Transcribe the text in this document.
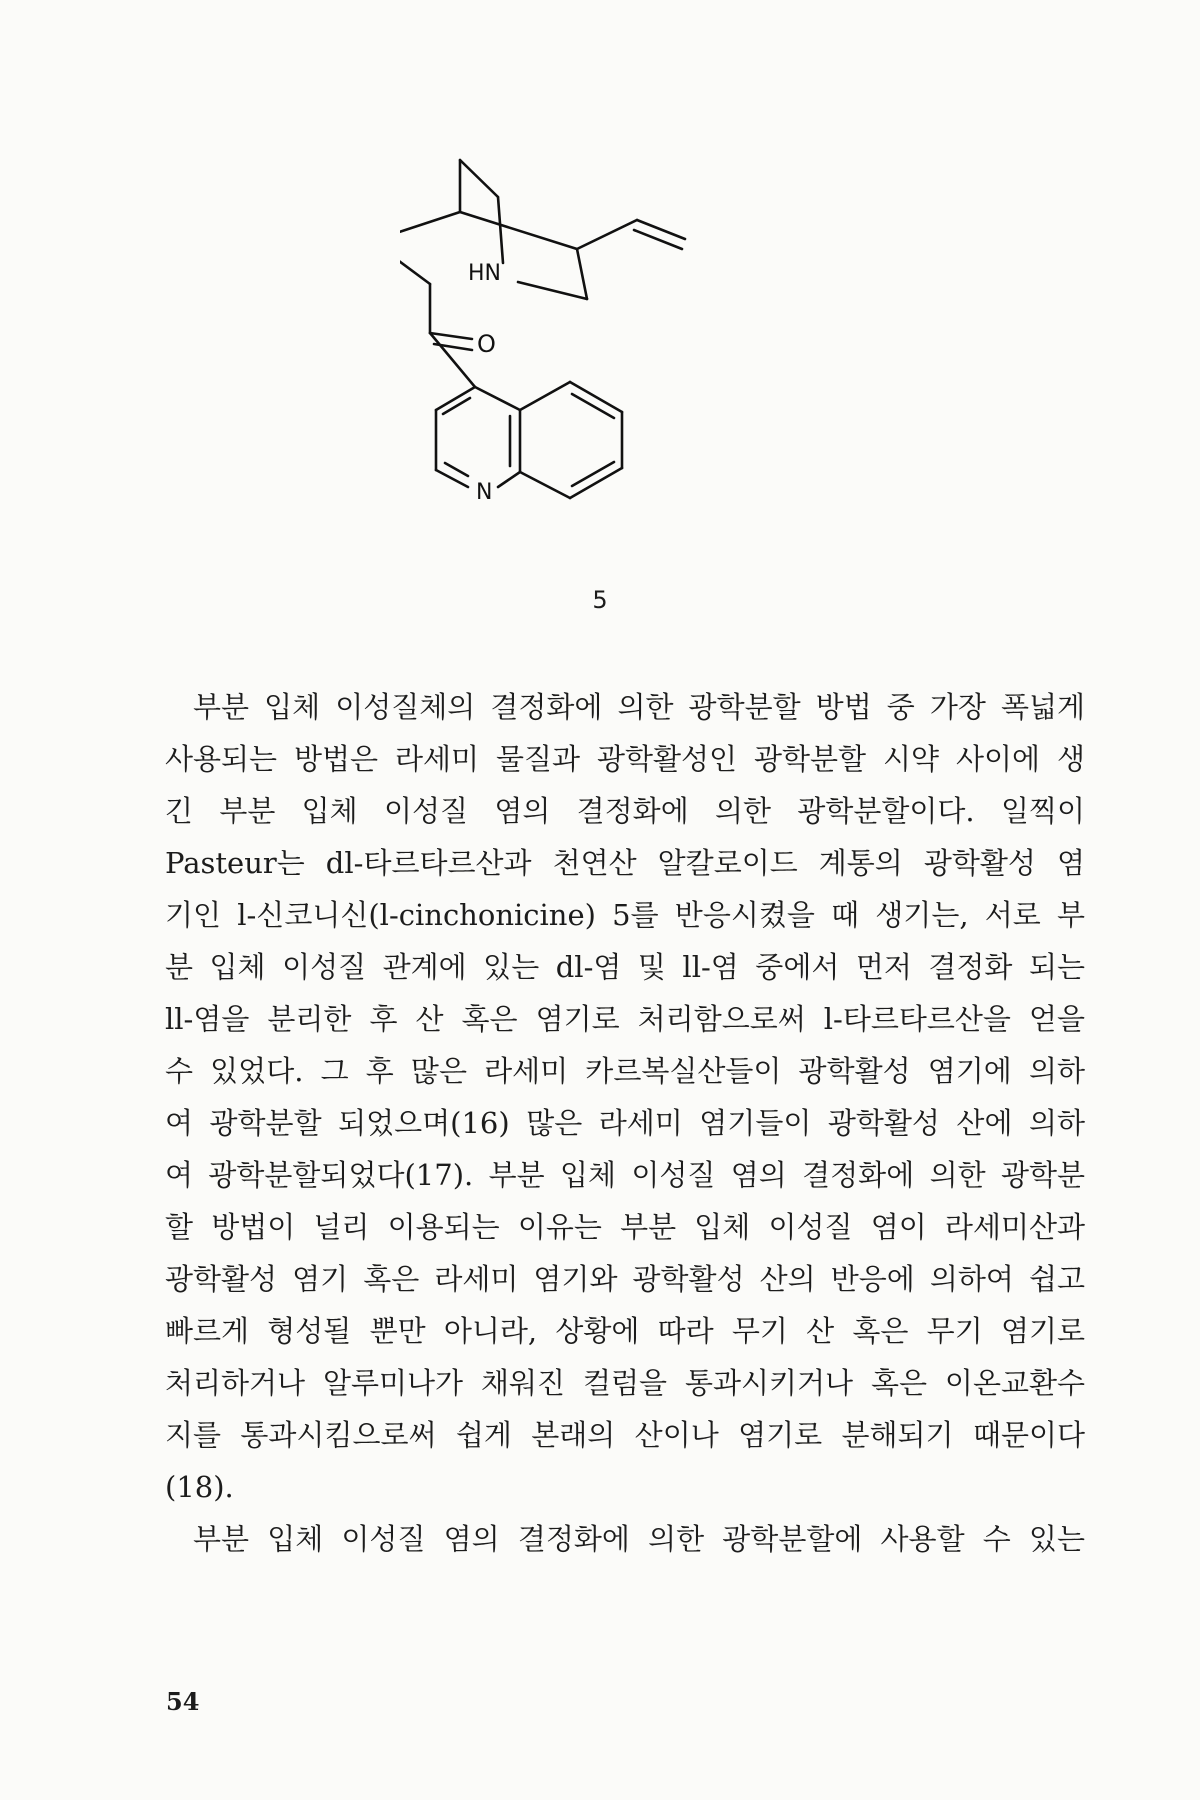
HN
O
N
5
부분 입체 이성질체의 결정화에 의한 광학분할 방법 중 가장 폭넓게
사용되는 방법은 라세미 물질과 광학활성인 광학분할 시약 사이에 생
긴 부분 입체 이성질 염의 결정화에 의한 광학분할이다. 일찍이
Pasteur는 dl-타르타르산과 천연산 알칼로이드 계통의 광학활성 염
기인 l-신코니신(l-cinchonicine) 5를 반응시켰을 때 생기는, 서로 부
분 입체 이성질 관계에 있는 dl-염 및 ll-염 중에서 먼저 결정화 되는
ll-염을 분리한 후 산 혹은 염기로 처리함으로써 l-타르타르산을 얻을
수 있었다. 그 후 많은 라세미 카르복실산들이 광학활성 염기에 의하
여 광학분할 되었으며(16) 많은 라세미 염기들이 광학활성 산에 의하
여 광학분할되었다(17). 부분 입체 이성질 염의 결정화에 의한 광학분
할 방법이 널리 이용되는 이유는 부분 입체 이성질 염이 라세미산과
광학활성 염기 혹은 라세미 염기와 광학활성 산의 반응에 의하여 쉽고
빠르게 형성될 뿐만 아니라, 상황에 따라 무기 산 혹은 무기 염기로
처리하거나 알루미나가 채워진 컬럼을 통과시키거나 혹은 이온교환수
지를 통과시킴으로써 쉽게 본래의 산이나 염기로 분해되기 때문이다
(18).
부분 입체 이성질 염의 결정화에 의한 광학분할에 사용할 수 있는
54
